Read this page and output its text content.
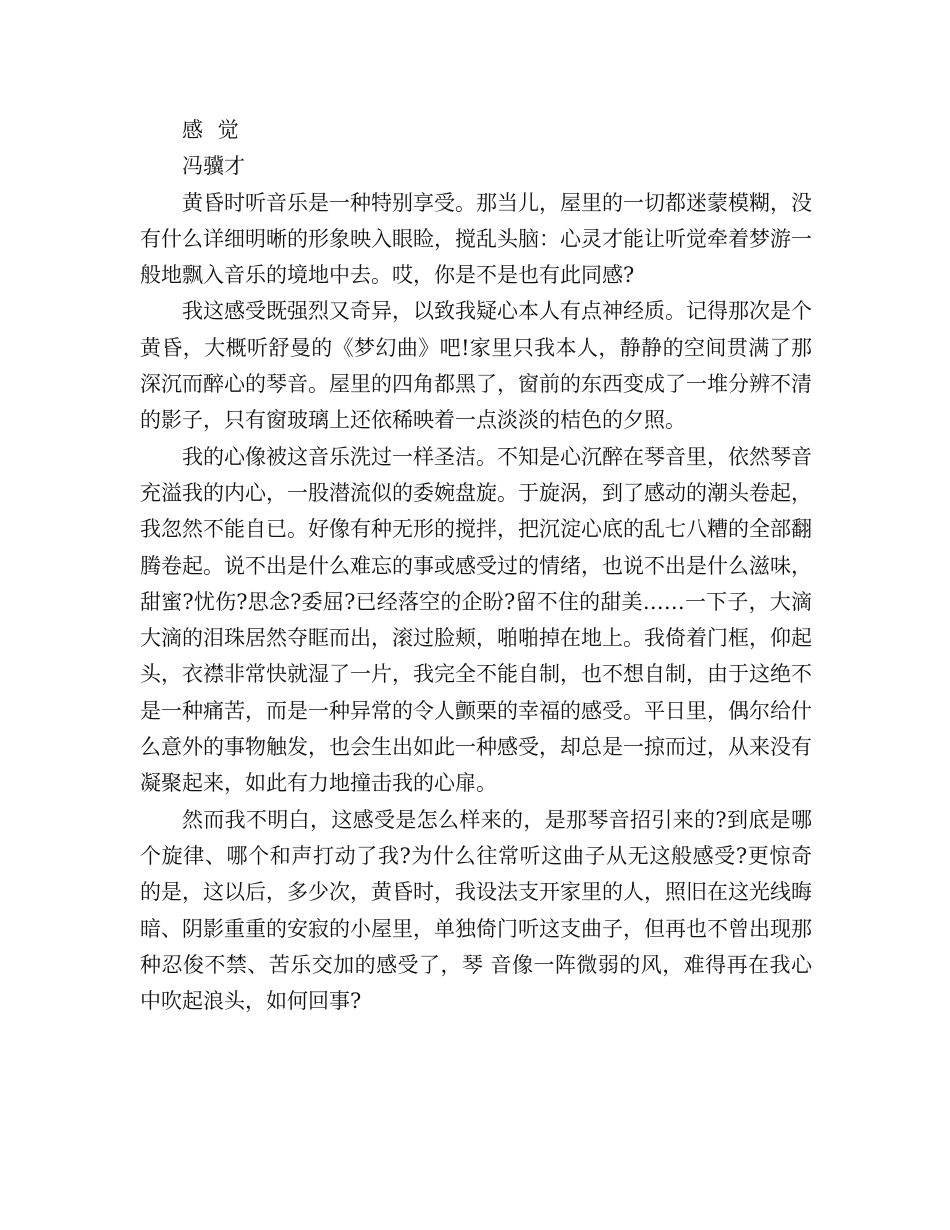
感 觉

冯骥才

黄昏时听音乐是一种特别享受。那当儿，屋里的一切都迷蒙模糊，没有什么详细明晰的形象映入眼睑，搅乱头脑：心灵才能让听觉牵着梦游一般地飘入音乐的境地中去。哎，你是不是也有此同感?

我这感受既强烈又奇异，以致我疑心本人有点神经质。记得那次是个黄昏，大概听舒曼的《梦幻曲》吧!家里只我本人，静静的空间贯满了那深沉而醉心的琴音。屋里的四角都黑了，窗前的东西变成了一堆分辨不清的影子，只有窗玻璃上还依稀映着一点淡淡的桔色的夕照。

我的心像被这音乐洗过一样圣洁。不知是心沉醉在琴音里，依然琴音充溢我的内心，一股潜流似的委婉盘旋。于旋涡，到了感动的潮头卷起，我忽然不能自已。好像有种无形的搅拌，把沉淀心底的乱七八糟的全部翻腾卷起。说不出是什么难忘的事或感受过的情绪，也说不出是什么滋味，甜蜜?忧伤?思念?委屈?已经落空的企盼?留不住的甜美……一下子，大滴大滴的泪珠居然夺眶而出，滚过脸颊，啪啪掉在地上。我倚着门框，仰起头，衣襟非常快就湿了一片，我完全不能自制，也不想自制，由于这绝不是一种痛苦，而是一种异常的令人颤栗的幸福的感受。平日里，偶尔给什么意外的事物触发，也会生出如此一种感受，却总是一掠而过，从来没有凝聚起来，如此有力地撞击我的心扉。

然而我不明白，这感受是怎么样来的，是那琴音招引来的?到底是哪个旋律、哪个和声打动了我?为什么往常听这曲子从无这般感受?更惊奇的是，这以后，多少次，黄昏时，我设法支开家里的人，照旧在这光线晦暗、阴影重重的安寂的小屋里，单独倚门听这支曲子，但再也不曾出现那种忍俊不禁、苦乐交加的感受了，琴 音像一阵微弱的风，难得再在我心中吹起浪头，如何回事?
